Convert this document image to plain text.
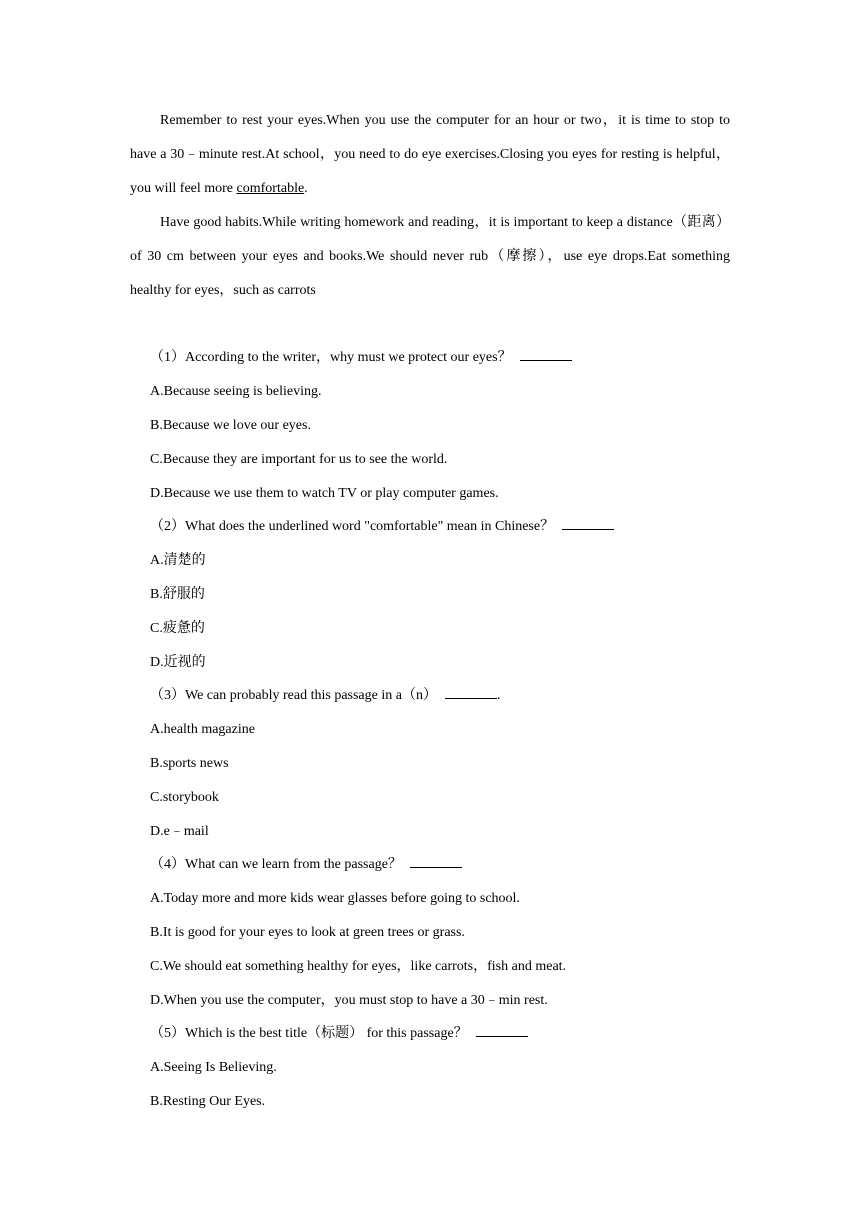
Remember to rest your eyes.When you use the computer for an hour or two，it is time to stop to have a 30﹣minute rest.At school，you need to do eye exercises.Closing you eyes for resting is helpful，you will feel more comfortable.

Have good habits.While writing homework and reading，it is important to keep a distance（距离） of 30 cm between your eyes and books.We should never rub（摩擦），use eye drops.Eat something healthy for eyes，such as carrots

（1）According to the writer，why must we protect our eyes？
A.Because seeing is believing.
B.Because we love our eyes.
C.Because they are important for us to see the world.
D.Because we use them to watch TV or play computer games.
（2）What does the underlined word "comfortable" mean in Chinese？
A.清楚的
B.舒服的
C.疲惫的
D.近视的
（3）We can probably read this passage in a（n）	.
A.health magazine
B.sports news
C.storybook
D.e﹣mail
（4）What can we learn from the passage？
A.Today more and more kids wear glasses before going to school.
B.It is good for your eyes to look at green trees or grass.
C.We should eat something healthy for eyes，like carrots，fish and meat.
D.When you use the computer，you must stop to have a 30﹣min rest.
（5）Which is the best title（标题） for this passage？
A.Seeing Is Believing.
B.Resting Our Eyes.
